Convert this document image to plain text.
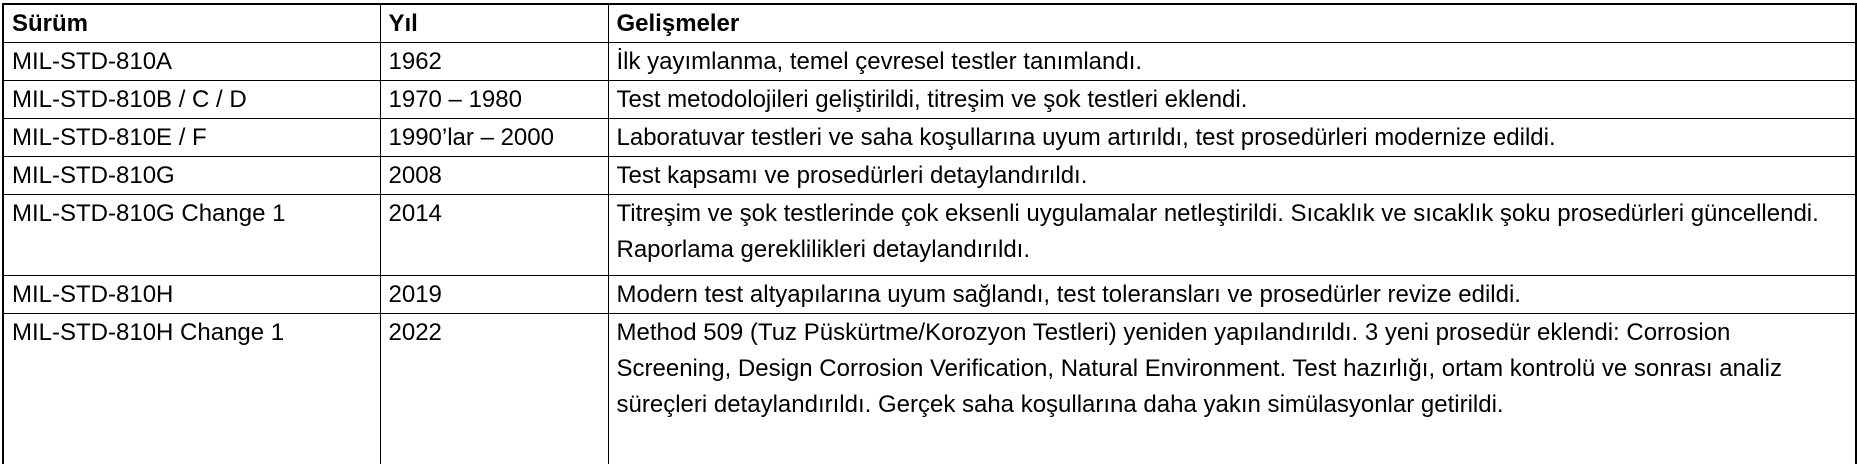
Sürüm	Yıl	Gelişmeler
MIL-STD-810A	1962	İlk yayımlanma, temel çevresel testler tanımlandı.
MIL-STD-810B / C / D	1970 – 1980	Test metodolojileri geliştirildi, titreşim ve şok testleri eklendi.
MIL-STD-810E / F	1990’lar – 2000	Laboratuvar testleri ve saha koşullarına uyum artırıldı, test prosedürleri modernize edildi.
MIL-STD-810G	2008	Test kapsamı ve prosedürleri detaylandırıldı.
MIL-STD-810G Change 1	2014	Titreşim ve şok testlerinde çok eksenli uygulamalar netleştirildi. Sıcaklık ve sıcaklık şoku prosedürleri güncellendi. Raporlama gereklilikleri detaylandırıldı.
MIL-STD-810H	2019	Modern test altyapılarına uyum sağlandı, test toleransları ve prosedürler revize edildi.
MIL-STD-810H Change 1	2022	Method 509 (Tuz Püskürtme/Korozyon Testleri) yeniden yapılandırıldı. 3 yeni prosedür eklendi: Corrosion Screening, Design Corrosion Verification, Natural Environment. Test hazırlığı, ortam kontrolü ve sonrası analiz süreçleri detaylandırıldı. Gerçek saha koşullarına daha yakın simülasyonlar getirildi.
